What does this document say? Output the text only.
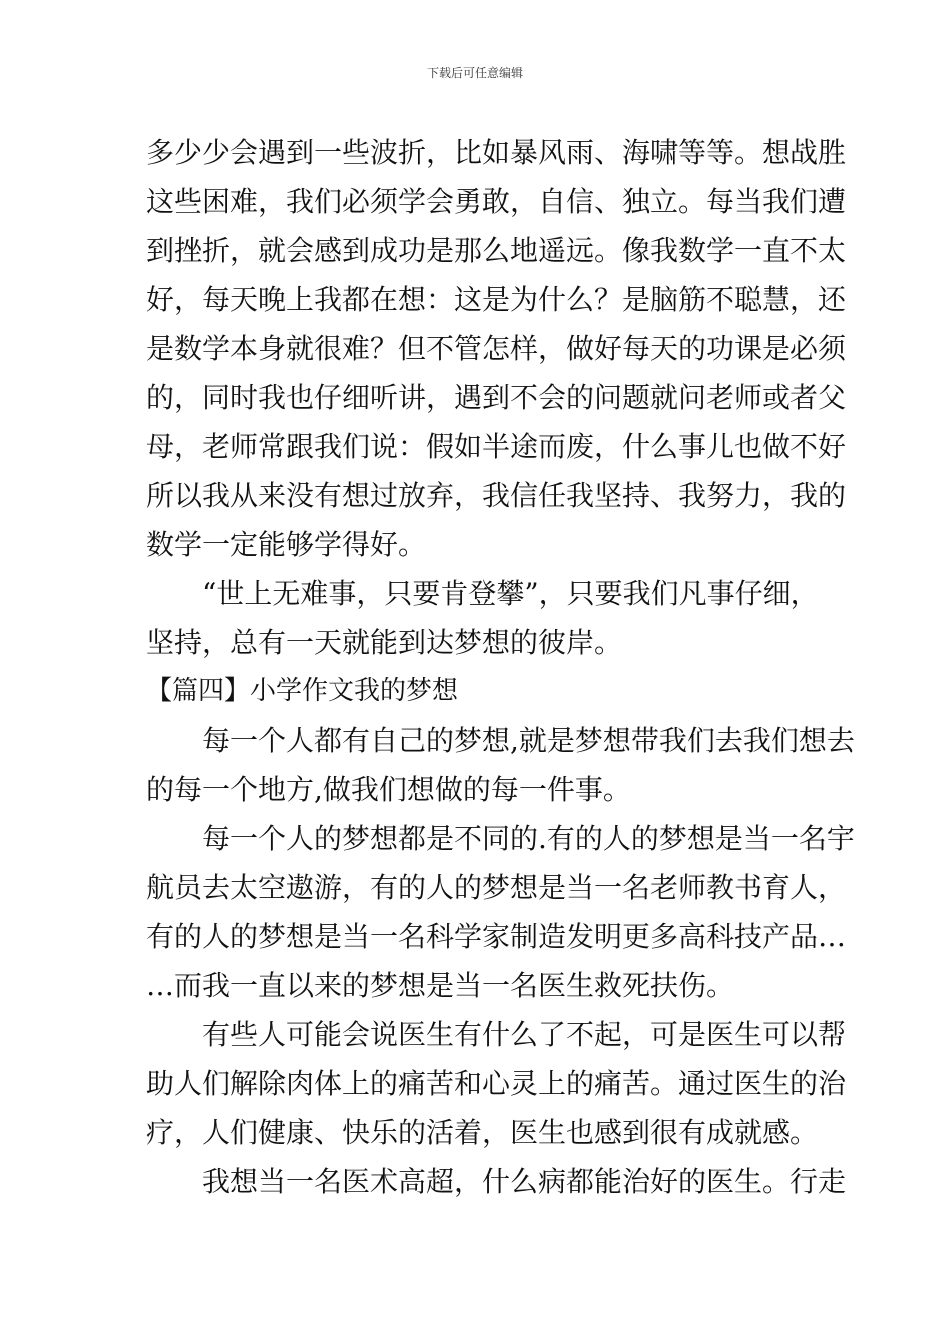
下载后可任意编辑
多少少会遇到一些波折，比如暴风雨、海啸等等。想战胜
这些困难，我们必须学会勇敢，自信、独立。每当我们遭
到挫折，就会感到成功是那么地遥远。像我数学一直不太
好，每天晚上我都在想：这是为什么？是脑筋不聪慧，还
是数学本身就很难？但不管怎样，做好每天的功课是必须
的，同时我也仔细听讲，遇到不会的问题就问老师或者父
母，老师常跟我们说：假如半途而废，什么事儿也做不好
所以我从来没有想过放弃，我信任我坚持、我努力，我的
数学一定能够学得好。
“世上无难事，只要肯登攀”，只要我们凡事仔细，
坚持，总有一天就能到达梦想的彼岸。
【篇四】小学作文我的梦想
每一个人都有自己的梦想,就是梦想带我们去我们想去
的每一个地方,做我们想做的每一件事。
每一个人的梦想都是不同的.有的人的梦想是当一名宇
航员去太空遨游，有的人的梦想是当一名老师教书育人，
有的人的梦想是当一名科学家制造发明更多高科技产品…
…而我一直以来的梦想是当一名医生救死扶伤。
有些人可能会说医生有什么了不起，可是医生可以帮
助人们解除肉体上的痛苦和心灵上的痛苦。通过医生的治
疗，人们健康、快乐的活着，医生也感到很有成就感。
我想当一名医术高超，什么病都能治好的医生。行走
